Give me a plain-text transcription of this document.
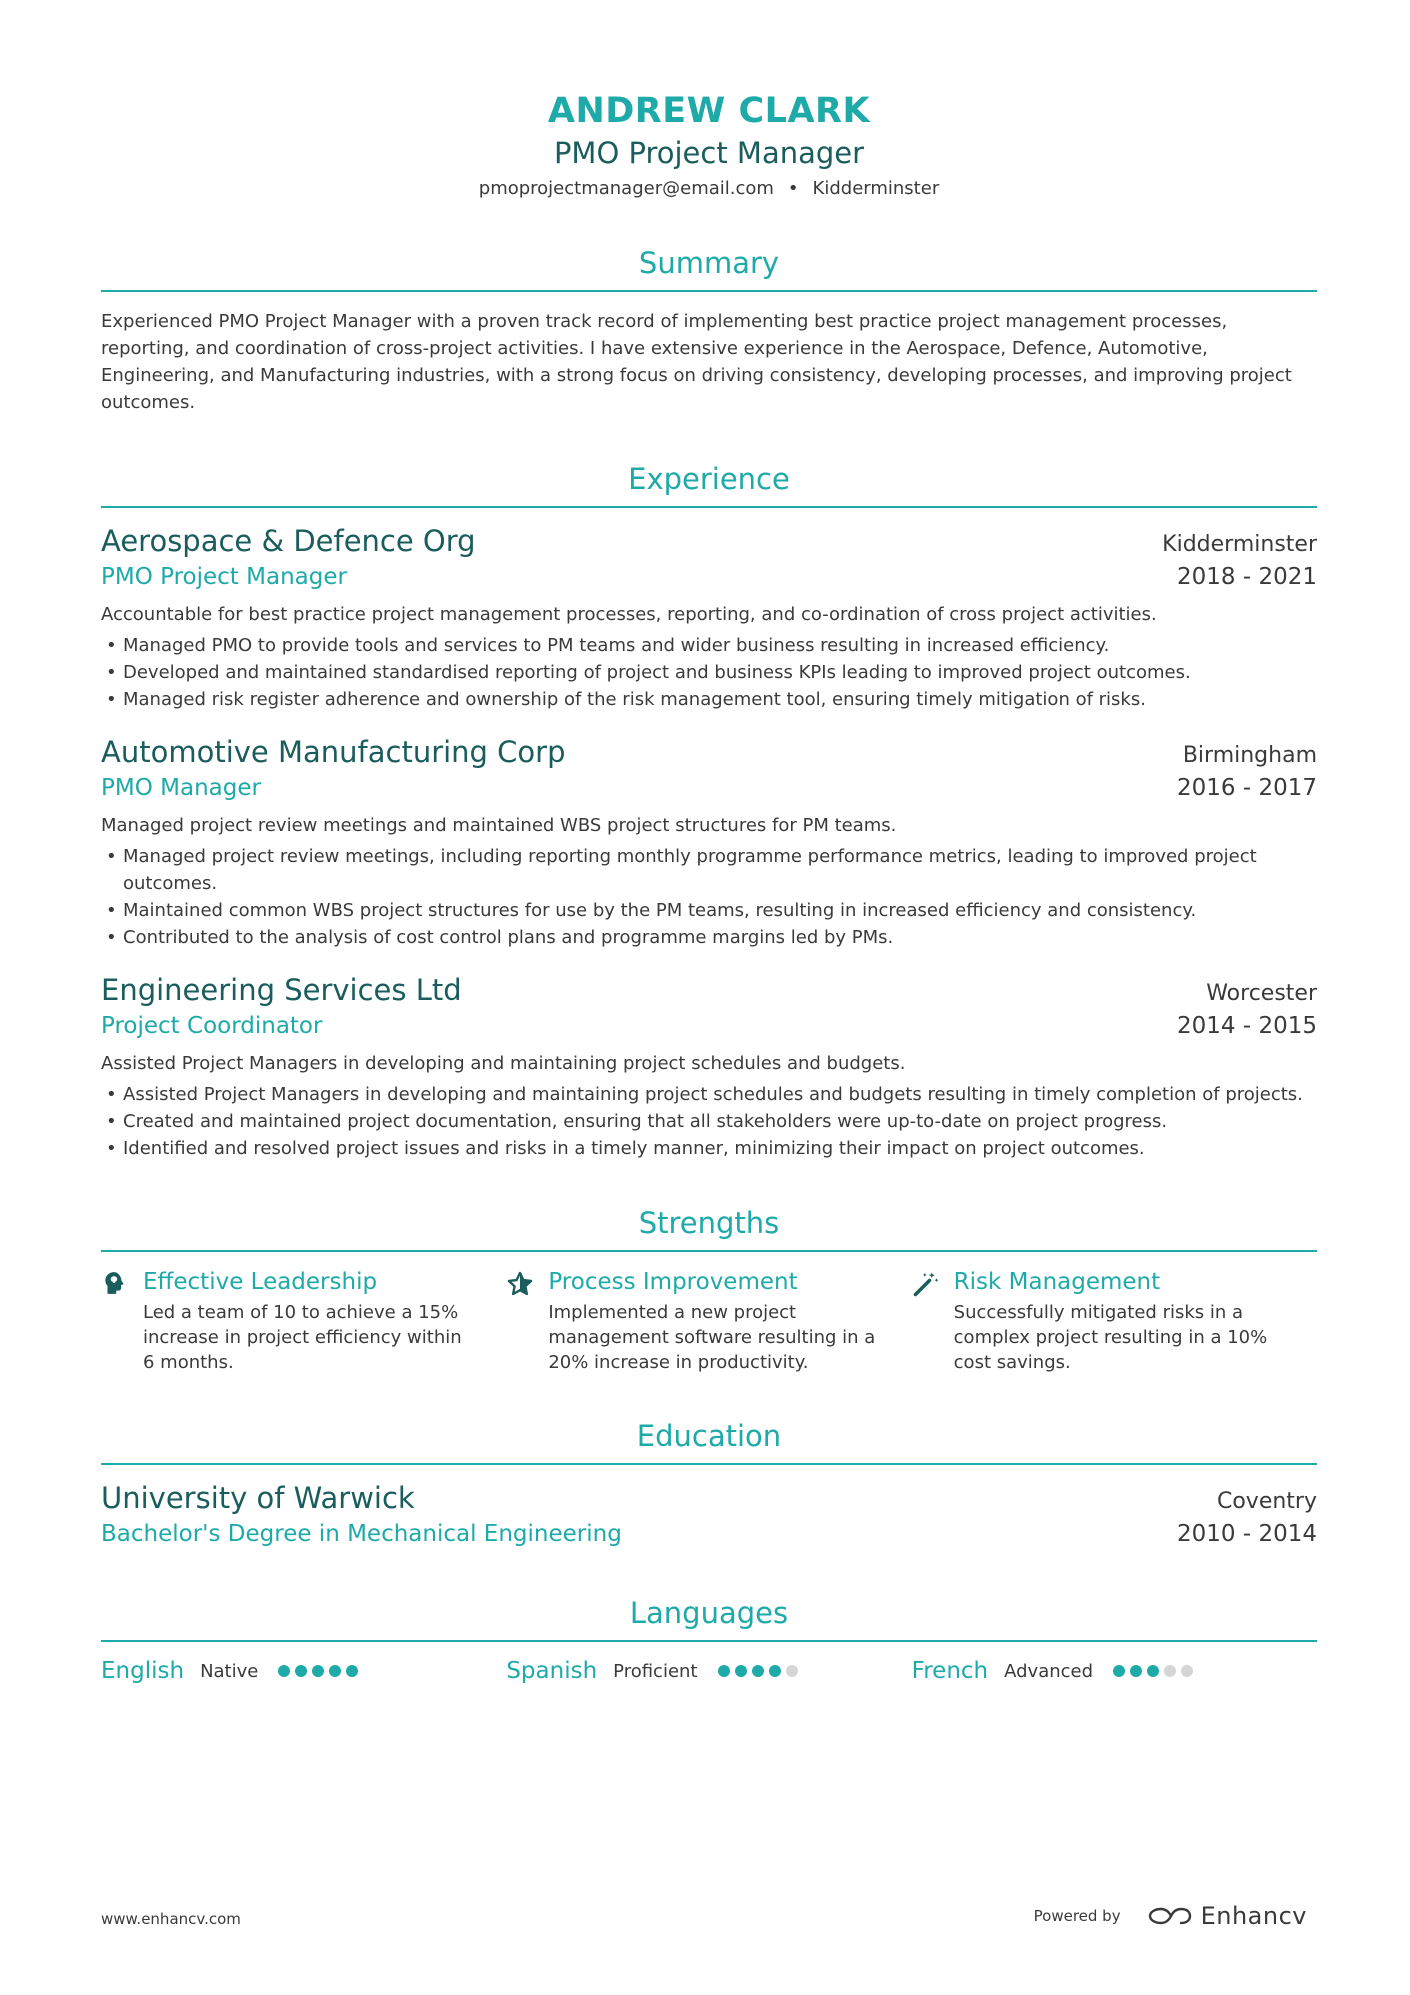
ANDREW CLARK
PMO Project Manager
pmoprojectmanager@email.com • Kidderminster
Summary
Experienced PMO Project Manager with a proven track record of implementing best practice project management processes, reporting, and coordination of cross-project activities. I have extensive experience in the Aerospace, Defence, Automotive, Engineering, and Manufacturing industries, with a strong focus on driving consistency, developing processes, and improving project outcomes.
Experience
Aerospace & Defence Org	Kidderminster
PMO Project Manager	2018 - 2021
Accountable for best practice project management processes, reporting, and co-ordination of cross project activities.
• Managed PMO to provide tools and services to PM teams and wider business resulting in increased efficiency.
• Developed and maintained standardised reporting of project and business KPIs leading to improved project outcomes.
• Managed risk register adherence and ownership of the risk management tool, ensuring timely mitigation of risks.
Automotive Manufacturing Corp	Birmingham
PMO Manager	2016 - 2017
Managed project review meetings and maintained WBS project structures for PM teams.
• Managed project review meetings, including reporting monthly programme performance metrics, leading to improved project outcomes.
• Maintained common WBS project structures for use by the PM teams, resulting in increased efficiency and consistency.
• Contributed to the analysis of cost control plans and programme margins led by PMs.
Engineering Services Ltd	Worcester
Project Coordinator	2014 - 2015
Assisted Project Managers in developing and maintaining project schedules and budgets.
• Assisted Project Managers in developing and maintaining project schedules and budgets resulting in timely completion of projects.
• Created and maintained project documentation, ensuring that all stakeholders were up-to-date on project progress.
• Identified and resolved project issues and risks in a timely manner, minimizing their impact on project outcomes.
Strengths
Effective Leadership
Led a team of 10 to achieve a 15% increase in project efficiency within 6 months.
Process Improvement
Implemented a new project management software resulting in a 20% increase in productivity.
Risk Management
Successfully mitigated risks in a complex project resulting in a 10% cost savings.
Education
University of Warwick	Coventry
Bachelor's Degree in Mechanical Engineering	2010 - 2014
Languages
English Native	Spanish Proficient	French Advanced
www.enhancv.com	Powered by	Enhancv
